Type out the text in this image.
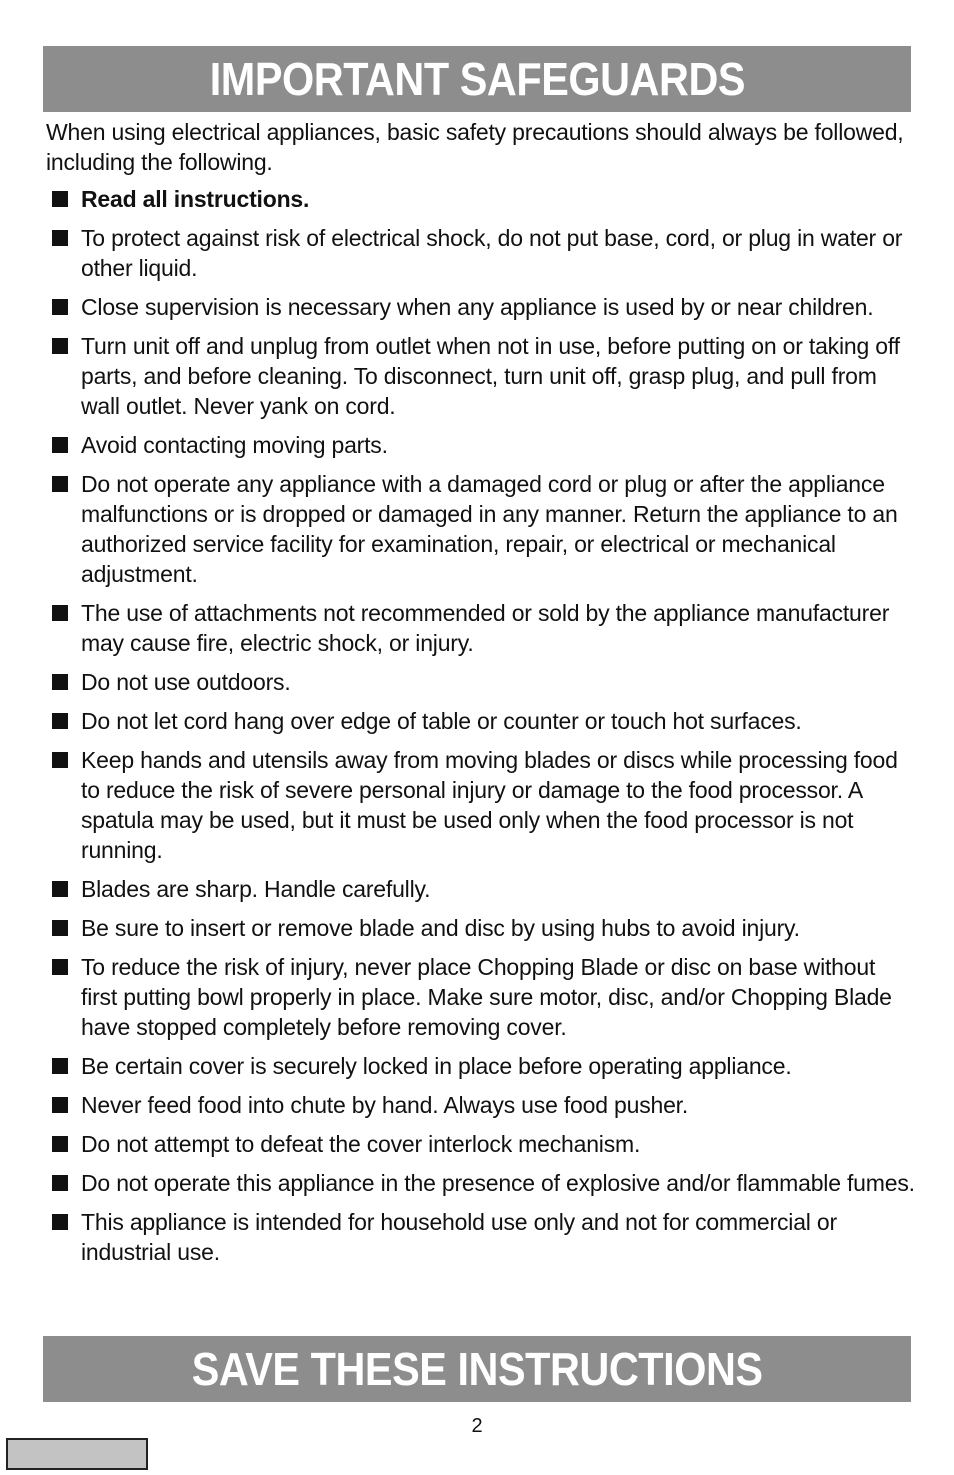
IMPORTANT SAFEGUARDS
When using electrical appliances, basic safety precautions should always be followed, including the following.
Read all instructions.
To protect against risk of electrical shock, do not put base, cord, or plug in water or other liquid.
Close supervision is necessary when any appliance is used by or near children.
Turn unit off and unplug from outlet when not in use, before putting on or taking off parts, and before cleaning. To disconnect, turn unit off, grasp plug, and pull from wall outlet. Never yank on cord.
Avoid contacting moving parts.
Do not operate any appliance with a damaged cord or plug or after the appliance malfunctions or is dropped or damaged in any manner. Return the appliance to an authorized service facility for examination, repair, or electrical or mechanical adjustment.
The use of attachments not recommended or sold by the appliance manufacturer may cause fire, electric shock, or injury.
Do not use outdoors.
Do not let cord hang over edge of table or counter or touch hot surfaces.
Keep hands and utensils away from moving blades or discs while processing food to reduce the risk of severe personal injury or damage to the food processor. A spatula may be used, but it must be used only when the food processor is not running.
Blades are sharp. Handle carefully.
Be sure to insert or remove blade and disc by using hubs to avoid injury.
To reduce the risk of injury, never place Chopping Blade or disc on base without first putting bowl properly in place. Make sure motor, disc, and/or Chopping Blade have stopped completely before removing cover.
Be certain cover is securely locked in place before operating appliance.
Never feed food into chute by hand. Always use food pusher.
Do not attempt to defeat the cover interlock mechanism.
Do not operate this appliance in the presence of explosive and/or flammable fumes.
This appliance is intended for household use only and not for commercial or industrial use.
SAVE THESE INSTRUCTIONS
2
